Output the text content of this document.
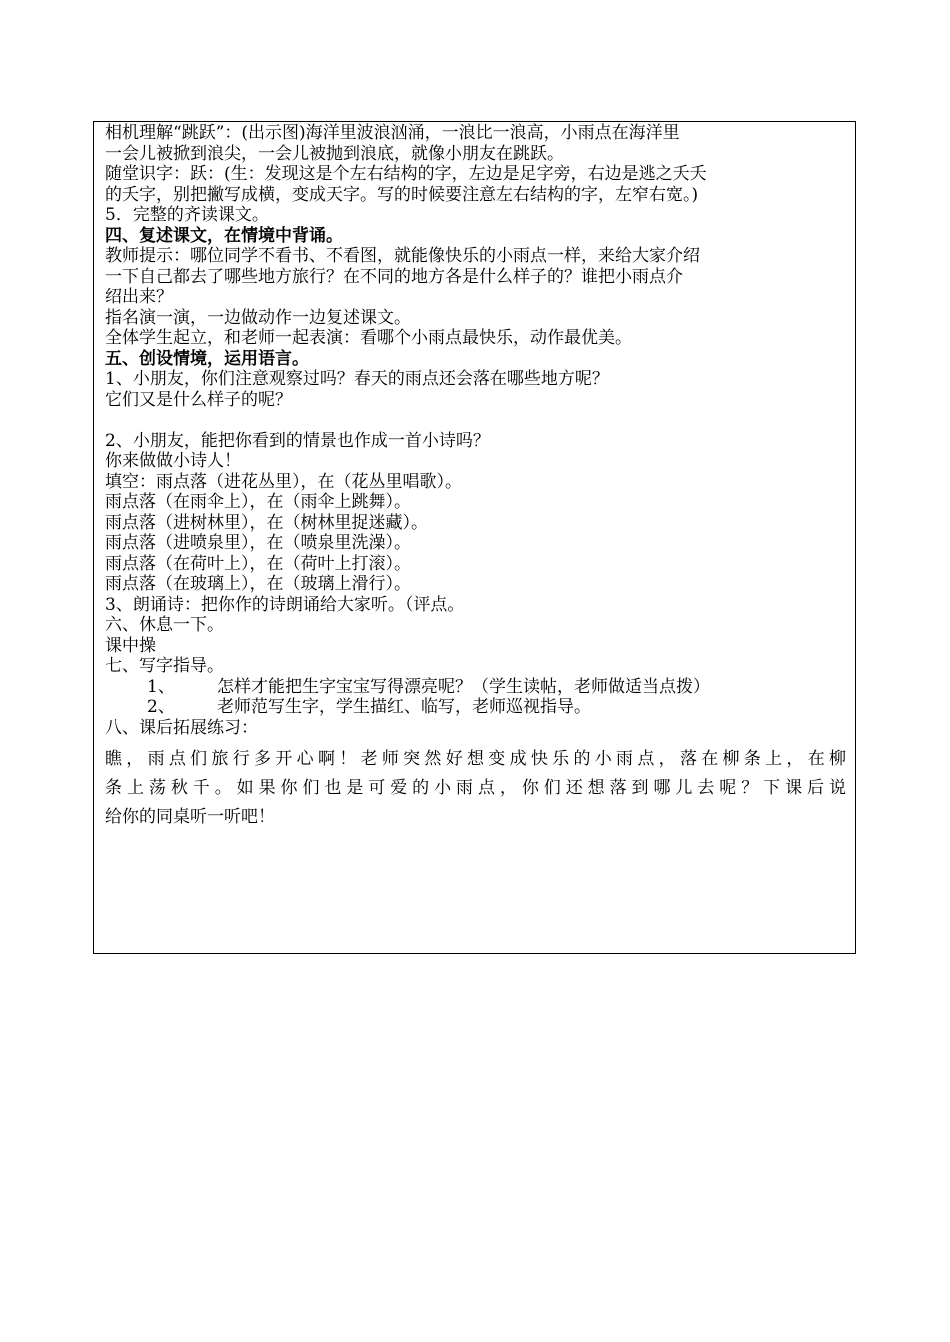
相机理解“跳跃”：(出示图)海洋里波浪汹涌，一浪比一浪高，小雨点在海洋里
一会儿被掀到浪尖，一会儿被抛到浪底，就像小朋友在跳跃。
随堂识字：跃：(生：发现这是个左右结构的字，左边是足字旁，右边是逃之夭夭
的夭字，别把撇写成横，变成天字。写的时候要注意左右结构的字，左窄右宽。)
5．完整的齐读课文。
四、复述课文，在情境中背诵。
教师提示：哪位同学不看书、不看图，就能像快乐的小雨点一样，来给大家介绍
一下自己都去了哪些地方旅行？在不同的地方各是什么样子的？谁把小雨点介
绍出来？
指名演一演，一边做动作一边复述课文。
全体学生起立，和老师一起表演：看哪个小雨点最快乐，动作最优美。
五、创设情境，运用语言。
1、小朋友，你们注意观察过吗？春天的雨点还会落在哪些地方呢？
它们又是什么样子的呢？
2、小朋友，能把你看到的情景也作成一首小诗吗？
你来做做小诗人！
填空：雨点落（进花丛里），在（花丛里唱歌）。
雨点落（在雨伞上），在（雨伞上跳舞）。
雨点落（进树林里），在（树林里捉迷藏）。
雨点落（进喷泉里），在（喷泉里洗澡）。
雨点落（在荷叶上），在（荷叶上打滚）。
雨点落（在玻璃上），在（玻璃上滑行）。
3、朗诵诗：把你作的诗朗诵给大家听。（评点。
六、休息一下。
课中操
七、写字指导。
1、 怎样才能把生字宝宝写得漂亮呢？（学生读帖，老师做适当点拨）
2、 老师范写生字，学生描红、临写，老师巡视指导。
八、课后拓展练习：
瞧，雨点们旅行多开心啊！老师突然好想变成快乐的小雨点，落在柳条上，在柳
条上荡秋千。如果你们也是可爱的小雨点，你们还想落到哪儿去呢？下课后说
给你的同桌听一听吧！
